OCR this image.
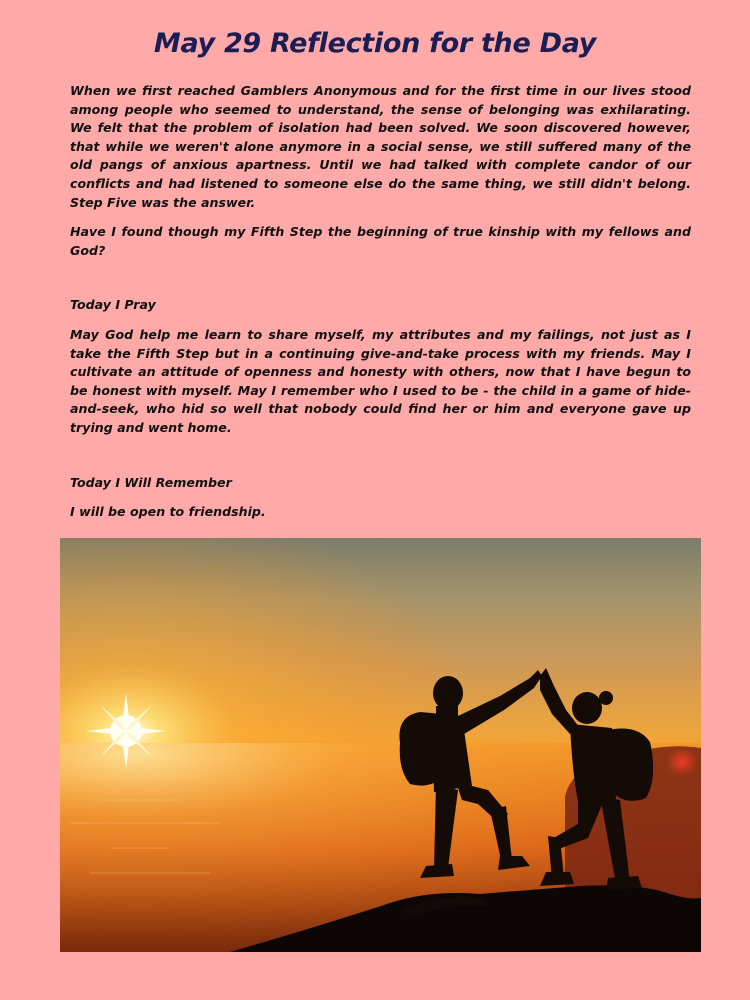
May 29 Reflection for the Day

When we first reached Gamblers Anonymous and for the first time in our lives stood among people who seemed to understand, the sense of belonging was exhilarating. We felt that the problem of isolation had been solved. We soon discovered however, that while we weren't alone anymore in a social sense, we still suffered many of the old pangs of anxious apartness. Until we had talked with complete candor of our conflicts and had listened to someone else do the same thing, we still didn't belong. Step Five was the answer.

Have I found though my Fifth Step the beginning of true kinship with my fellows and God?

Today I Pray

May God help me learn to share myself, my attributes and my failings, not just as I take the Fifth Step but in a continuing give-and-take process with my friends. May I cultivate an attitude of openness and honesty with others, now that I have begun to be honest with myself. May I remember who I used to be - the child in a game of hide-and-seek, who hid so well that nobody could find her or him and everyone gave up trying and went home.

Today I Will Remember

I will be open to friendship.
